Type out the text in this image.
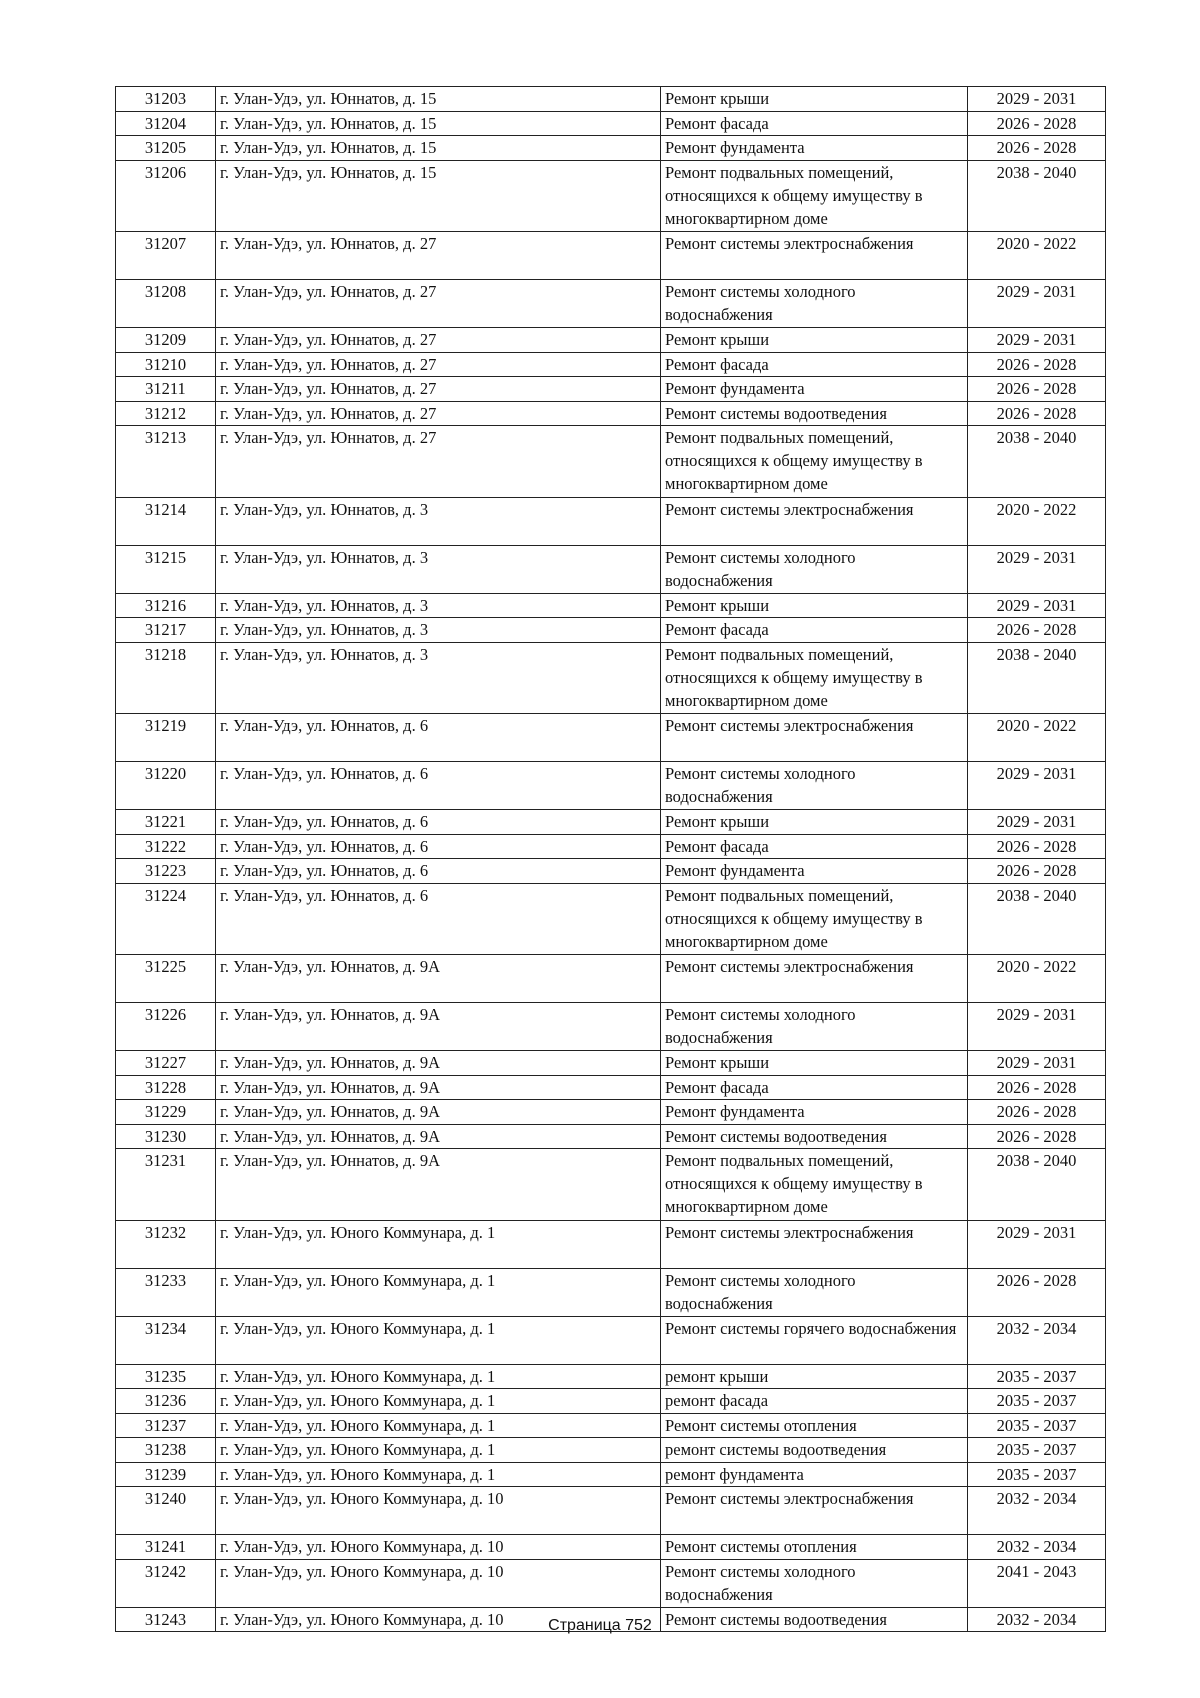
31203	г. Улан-Удэ, ул. Юннатов, д. 15	Ремонт крыши	2029 - 2031
31204	г. Улан-Удэ, ул. Юннатов, д. 15	Ремонт фасада	2026 - 2028
31205	г. Улан-Удэ, ул. Юннатов, д. 15	Ремонт фундамента	2026 - 2028
31206	г. Улан-Удэ, ул. Юннатов, д. 15	Ремонт подвальных помещений, относящихся к общему имуществу в многоквартирном доме	2038 - 2040
31207	г. Улан-Удэ, ул. Юннатов, д. 27	Ремонт системы электроснабжения	2020 - 2022
31208	г. Улан-Удэ, ул. Юннатов, д. 27	Ремонт системы холодного водоснабжения	2029 - 2031
31209	г. Улан-Удэ, ул. Юннатов, д. 27	Ремонт крыши	2029 - 2031
31210	г. Улан-Удэ, ул. Юннатов, д. 27	Ремонт фасада	2026 - 2028
31211	г. Улан-Удэ, ул. Юннатов, д. 27	Ремонт фундамента	2026 - 2028
31212	г. Улан-Удэ, ул. Юннатов, д. 27	Ремонт системы водоотведения	2026 - 2028
31213	г. Улан-Удэ, ул. Юннатов, д. 27	Ремонт подвальных помещений, относящихся к общему имуществу в многоквартирном доме	2038 - 2040
31214	г. Улан-Удэ, ул. Юннатов, д. 3	Ремонт системы электроснабжения	2020 - 2022
31215	г. Улан-Удэ, ул. Юннатов, д. 3	Ремонт системы холодного водоснабжения	2029 - 2031
31216	г. Улан-Удэ, ул. Юннатов, д. 3	Ремонт крыши	2029 - 2031
31217	г. Улан-Удэ, ул. Юннатов, д. 3	Ремонт фасада	2026 - 2028
31218	г. Улан-Удэ, ул. Юннатов, д. 3	Ремонт подвальных помещений, относящихся к общему имуществу в многоквартирном доме	2038 - 2040
31219	г. Улан-Удэ, ул. Юннатов, д. 6	Ремонт системы электроснабжения	2020 - 2022
31220	г. Улан-Удэ, ул. Юннатов, д. 6	Ремонт системы холодного водоснабжения	2029 - 2031
31221	г. Улан-Удэ, ул. Юннатов, д. 6	Ремонт крыши	2029 - 2031
31222	г. Улан-Удэ, ул. Юннатов, д. 6	Ремонт фасада	2026 - 2028
31223	г. Улан-Удэ, ул. Юннатов, д. 6	Ремонт фундамента	2026 - 2028
31224	г. Улан-Удэ, ул. Юннатов, д. 6	Ремонт подвальных помещений, относящихся к общему имуществу в многоквартирном доме	2038 - 2040
31225	г. Улан-Удэ, ул. Юннатов, д. 9А	Ремонт системы электроснабжения	2020 - 2022
31226	г. Улан-Удэ, ул. Юннатов, д. 9А	Ремонт системы холодного водоснабжения	2029 - 2031
31227	г. Улан-Удэ, ул. Юннатов, д. 9А	Ремонт крыши	2029 - 2031
31228	г. Улан-Удэ, ул. Юннатов, д. 9А	Ремонт фасада	2026 - 2028
31229	г. Улан-Удэ, ул. Юннатов, д. 9А	Ремонт фундамента	2026 - 2028
31230	г. Улан-Удэ, ул. Юннатов, д. 9А	Ремонт системы водоотведения	2026 - 2028
31231	г. Улан-Удэ, ул. Юннатов, д. 9А	Ремонт подвальных помещений, относящихся к общему имуществу в многоквартирном доме	2038 - 2040
31232	г. Улан-Удэ, ул. Юного Коммунара, д. 1	Ремонт системы электроснабжения	2029 - 2031
31233	г. Улан-Удэ, ул. Юного Коммунара, д. 1	Ремонт системы холодного водоснабжения	2026 - 2028
31234	г. Улан-Удэ, ул. Юного Коммунара, д. 1	Ремонт системы горячего водоснабжения	2032 - 2034
31235	г. Улан-Удэ, ул. Юного Коммунара, д. 1	ремонт крыши	2035 - 2037
31236	г. Улан-Удэ, ул. Юного Коммунара, д. 1	ремонт фасада	2035 - 2037
31237	г. Улан-Удэ, ул. Юного Коммунара, д. 1	Ремонт системы отопления	2035 - 2037
31238	г. Улан-Удэ, ул. Юного Коммунара, д. 1	ремонт системы водоотведения	2035 - 2037
31239	г. Улан-Удэ, ул. Юного Коммунара, д. 1	ремонт фундамента	2035 - 2037
31240	г. Улан-Удэ, ул. Юного Коммунара, д. 10	Ремонт системы электроснабжения	2032 - 2034
31241	г. Улан-Удэ, ул. Юного Коммунара, д. 10	Ремонт системы отопления	2032 - 2034
31242	г. Улан-Удэ, ул. Юного Коммунара, д. 10	Ремонт системы холодного водоснабжения	2041 - 2043
31243	г. Улан-Удэ, ул. Юного Коммунара, д. 10	Ремонт системы водоотведения	2032 - 2034
Страница 752
